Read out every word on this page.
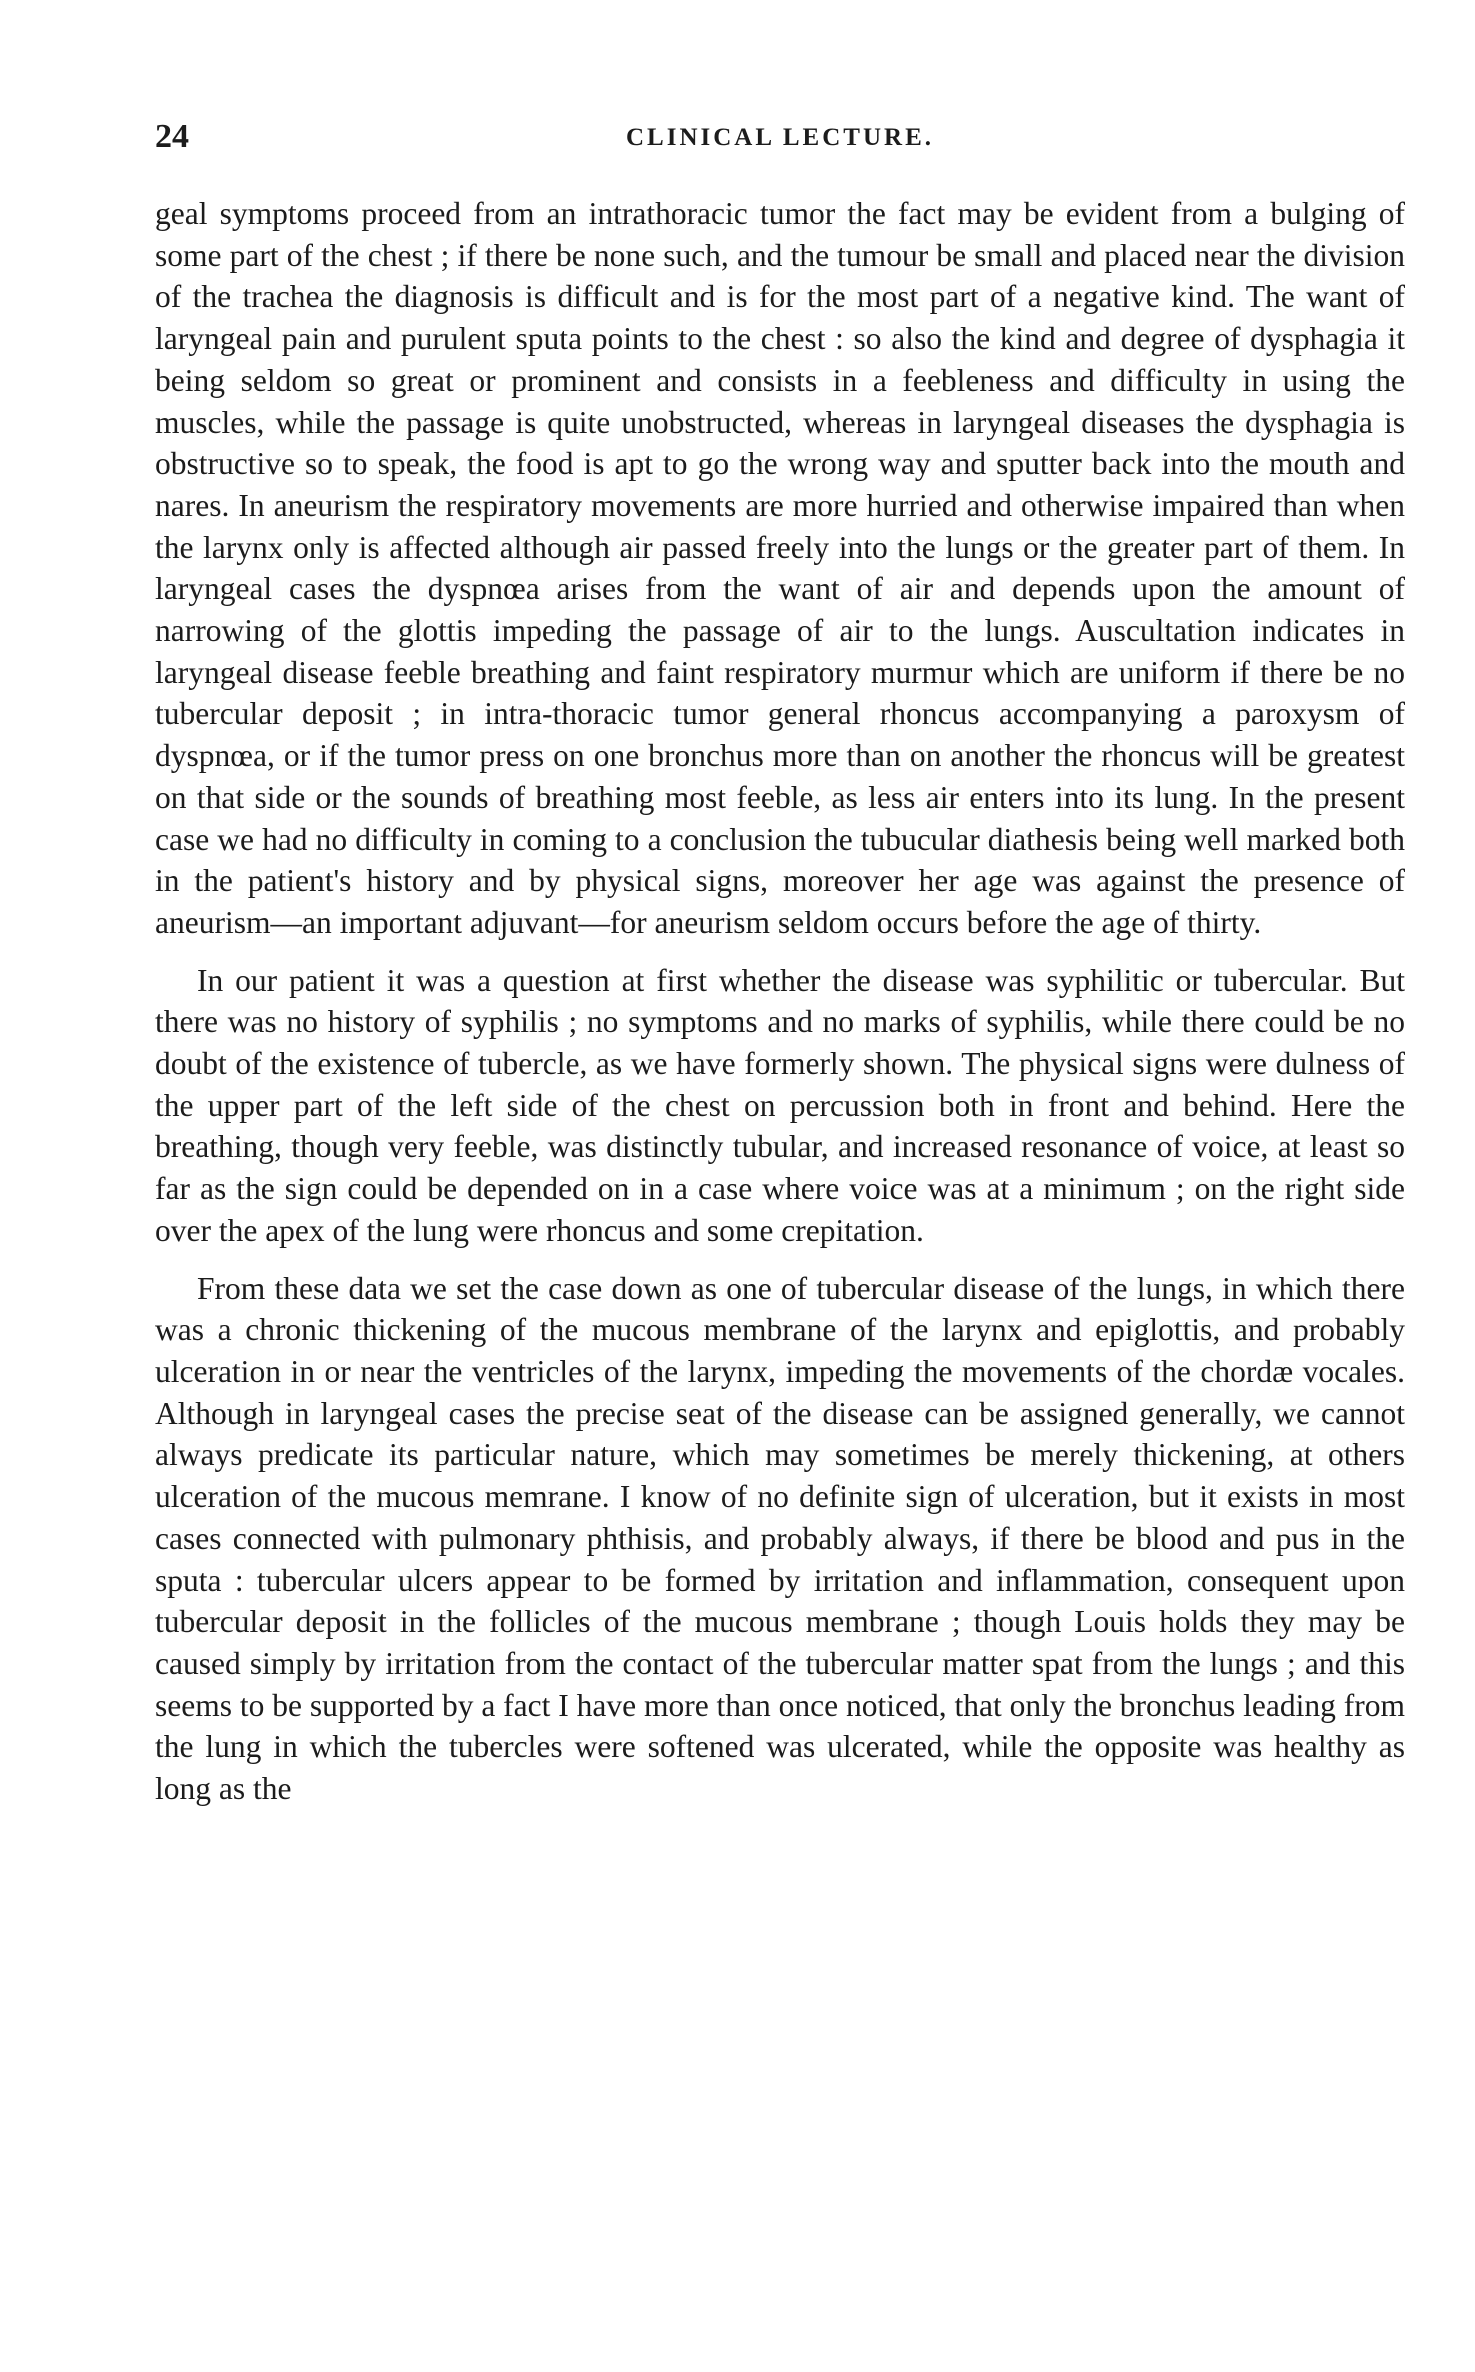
24	CLINICAL LECTURE.

geal symptoms proceed from an intrathoracic tumor the fact may be evident from a bulging of some part of the chest ; if there be none such, and the tumour be small and placed near the division of the trachea the diagnosis is difficult and is for the most part of a negative kind. The want of laryngeal pain and purulent sputa points to the chest : so also the kind and degree of dysphagia it being seldom so great or prominent and consists in a feebleness and difficulty in using the muscles, while the passage is quite unobstructed, whereas in laryngeal diseases the dysphagia is obstructive so to speak, the food is apt to go the wrong way and sputter back into the mouth and nares. In aneurism the respiratory movements are more hurried and otherwise impaired than when the larynx only is affected although air passed freely into the lungs or the greater part of them. In laryngeal cases the dyspnœa arises from the want of air and depends upon the amount of narrowing of the glottis impeding the passage of air to the lungs. Auscultation indicates in laryngeal disease feeble breathing and faint respiratory murmur which are uniform if there be no tubercular deposit ; in intra-thoracic tumor general rhoncus accompanying a paroxysm of dyspnœa, or if the tumor press on one bronchus more than on another the rhoncus will be greatest on that side or the sounds of breathing most feeble, as less air enters into its lung. In the present case we had no difficulty in coming to a conclusion the tubucular diathesis being well marked both in the patient's history and by physical signs, moreover her age was against the presence of aneurism—an important adjuvant—for aneurism seldom occurs before the age of thirty.

In our patient it was a question at first whether the disease was syphilitic or tubercular. But there was no history of syphilis ; no symptoms and no marks of syphilis, while there could be no doubt of the existence of tubercle, as we have formerly shown. The physical signs were dulness of the upper part of the left side of the chest on percussion both in front and behind. Here the breathing, though very feeble, was distinctly tubular, and increased resonance of voice, at least so far as the sign could be depended on in a case where voice was at a minimum ; on the right side over the apex of the lung were rhoncus and some crepitation.

From these data we set the case down as one of tubercular disease of the lungs, in which there was a chronic thickening of the mucous membrane of the larynx and epiglottis, and probably ulceration in or near the ventricles of the larynx, impeding the movements of the chordæ vocales. Although in laryngeal cases the precise seat of the disease can be assigned generally, we cannot always predicate its particular nature, which may sometimes be merely thickening, at others ulceration of the mucous memrane. I know of no definite sign of ulceration, but it exists in most cases connected with pulmonary phthisis, and probably always, if there be blood and pus in the sputa : tubercular ulcers appear to be formed by irritation and inflammation, consequent upon tubercular deposit in the follicles of the mucous membrane ; though Louis holds they may be caused simply by irritation from the contact of the tubercular matter spat from the lungs ; and this seems to be supported by a fact I have more than once noticed, that only the bronchus leading from the lung in which the tubercles were softened was ulcerated, while the opposite was healthy as long as the
